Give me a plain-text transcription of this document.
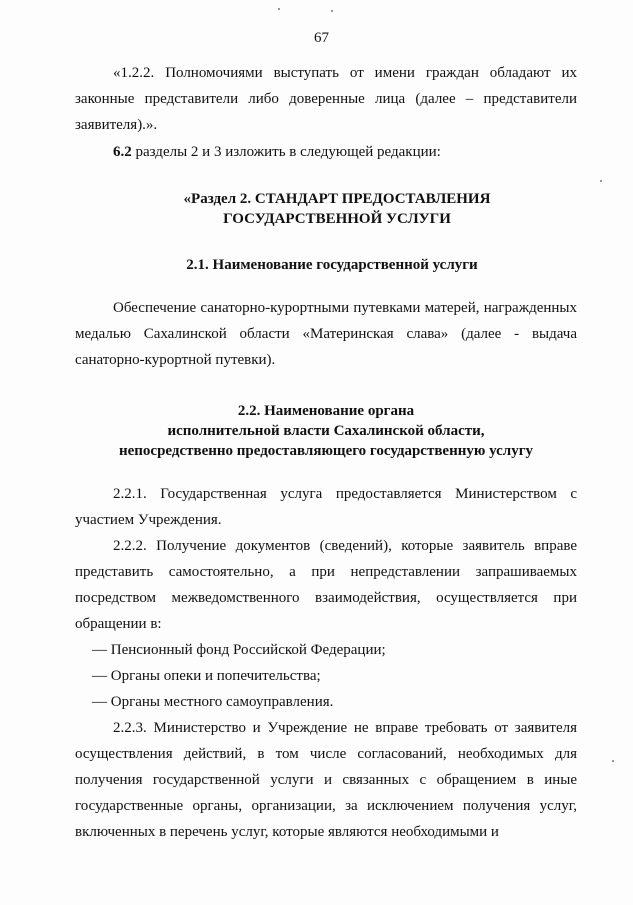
67

«1.2.2. Полномочиями выступать от имени граждан обладают их законные представители либо доверенные лица (далее – представители заявителя).».

6.2 разделы 2 и 3 изложить в следующей редакции:

«Раздел 2. СТАНДАРТ ПРЕДОСТАВЛЕНИЯ
ГОСУДАРСТВЕННОЙ УСЛУГИ
2.1. Наименование государственной услуги

Обеспечение санаторно-курортными путевками матерей, награжденных медалью Сахалинской области «Материнская слава» (далее - выдача санаторно-курортной путевки).

2.2. Наименование органа
исполнительной власти Сахалинской области,
непосредственно предоставляющего государственную услугу

2.2.1. Государственная услуга предоставляется Министерством с участием Учреждения.

2.2.2. Получение документов (сведений), которые заявитель вправе представить самостоятельно, а при непредставлении запрашиваемых посредством межведомственного взаимодействия, осуществляется при обращении в:

— Пенсионный фонд Российской Федерации;

— Органы опеки и попечительства;

— Органы местного самоуправления.

2.2.3. Министерство и Учреждение не вправе требовать от заявителя осуществления действий, в том числе согласований, необходимых для получения государственной услуги и связанных с обращением в иные государственные органы, организации, за исключением получения услуг, включенных в перечень услуг, которые являются необходимыми и
